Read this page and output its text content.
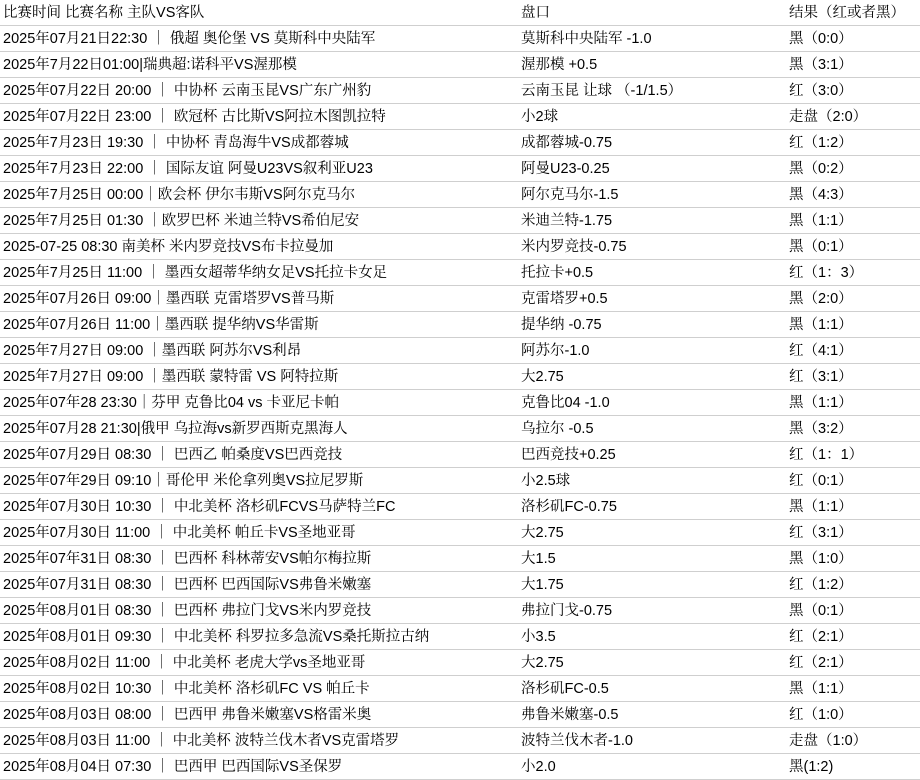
比赛时间 比赛名称 主队VS客队	盘口	结果（红或者黑）
2025年07月21日22:30 ｜ 俄超 奥伦堡 VS 莫斯科中央陆军	莫斯科中央陆军 -1.0	黑（0:0）
2025年7月22日01:00|瑞典超:诺科平VS渥那模	渥那模 +0.5	黑（3:1）
2025年07月22日 20:00 ｜ 中协杯 云南玉昆VS广东广州豹	云南玉昆 让球 （-1/1.5）	红（3:0）
2025年07月22日 23:00 ｜ 欧冠杯 古比斯VS阿拉木图凯拉特	小2球	走盘（2:0）
2025年7月23日 19:30 ｜ 中协杯 青岛海牛VS成都蓉城	成都蓉城-0.75	红（1:2）
2025年7月23日 22:00 ｜ 国际友谊 阿曼U23VS叙利亚U23	阿曼U23-0.25	黑（0:2）
2025年7月25日 00:00｜欧会杯 伊尔韦斯VS阿尔克马尔	阿尔克马尔-1.5	黑（4:3）
2025年7月25日 01:30 ｜欧罗巴杯 米迪兰特VS希伯尼安	米迪兰特-1.75	黑（1:1）
2025-07-25 08:30 南美杯 米内罗竞技VS布卡拉曼加	米内罗竞技-0.75	黑（0:1）
2025年7月25日 11:00 ｜ 墨西女超蒂华纳女足VS托拉卡女足	托拉卡+0.5	红（1：3）
2025年07月26日 09:00｜墨西联 克雷塔罗VS普马斯	克雷塔罗+0.5	黑（2:0）
2025年07月26日 11:00｜墨西联 提华纳VS华雷斯	提华纳 -0.75	黑（1:1）
2025年7月27日 09:00 ｜墨西联 阿苏尔VS利昂	阿苏尔-1.0	红（4:1）
2025年7月27日 09:00 ｜墨西联 蒙特雷 VS 阿特拉斯	大2.75	红（3:1）
2025年07年28 23:30｜芬甲 克鲁比04 vs 卡亚尼卡帕	克鲁比04 -1.0	黑（1:1）
2025年07月28 21:30|俄甲 乌拉海vs新罗西斯克黑海人	乌拉尔 -0.5	黑（3:2）
2025年07月29日 08:30 ｜ 巴西乙 帕桑度VS巴西竞技	巴西竞技+0.25	红（1：1）
2025年07年29日 09:10｜哥伦甲 米伦拿列奥VS拉尼罗斯	小2.5球	红（0:1）
2025年07月30日 10:30 ｜ 中北美杯 洛杉矶FCVS马萨特兰FC	洛杉矶FC-0.75	黑（1:1）
2025年07月30日 11:00 ｜ 中北美杯 帕丘卡VS圣地亚哥	大2.75	红（3:1）
2025年07年31日 08:30 ｜ 巴西杯 科林蒂安VS帕尔梅拉斯	大1.5	黑（1:0）
2025年07月31日 08:30 ｜ 巴西杯 巴西国际VS弗鲁米嫩塞	大1.75	红（1:2）
2025年08月01日 08:30 ｜ 巴西杯 弗拉门戈VS米内罗竞技	弗拉门戈-0.75	黑（0:1）
2025年08月01日 09:30 ｜ 中北美杯 科罗拉多急流VS桑托斯拉古纳	小3.5	红（2:1）
2025年08月02日 11:00 ｜ 中北美杯 老虎大学vs圣地亚哥	大2.75	红（2:1）
2025年08月02日 10:30 ｜ 中北美杯 洛杉矶FC VS 帕丘卡	洛杉矶FC-0.5	黑（1:1）
2025年08月03日 08:00 ｜ 巴西甲 弗鲁米嫩塞VS格雷米奥	弗鲁米嫩塞-0.5	红（1:0）
2025年08月03日 11:00 ｜ 中北美杯 波特兰伐木者VS克雷塔罗	波特兰伐木者-1.0	走盘（1:0）
2025年08月04日 07:30 ｜ 巴西甲 巴西国际VS圣保罗	小2.0	黑(1:2)
